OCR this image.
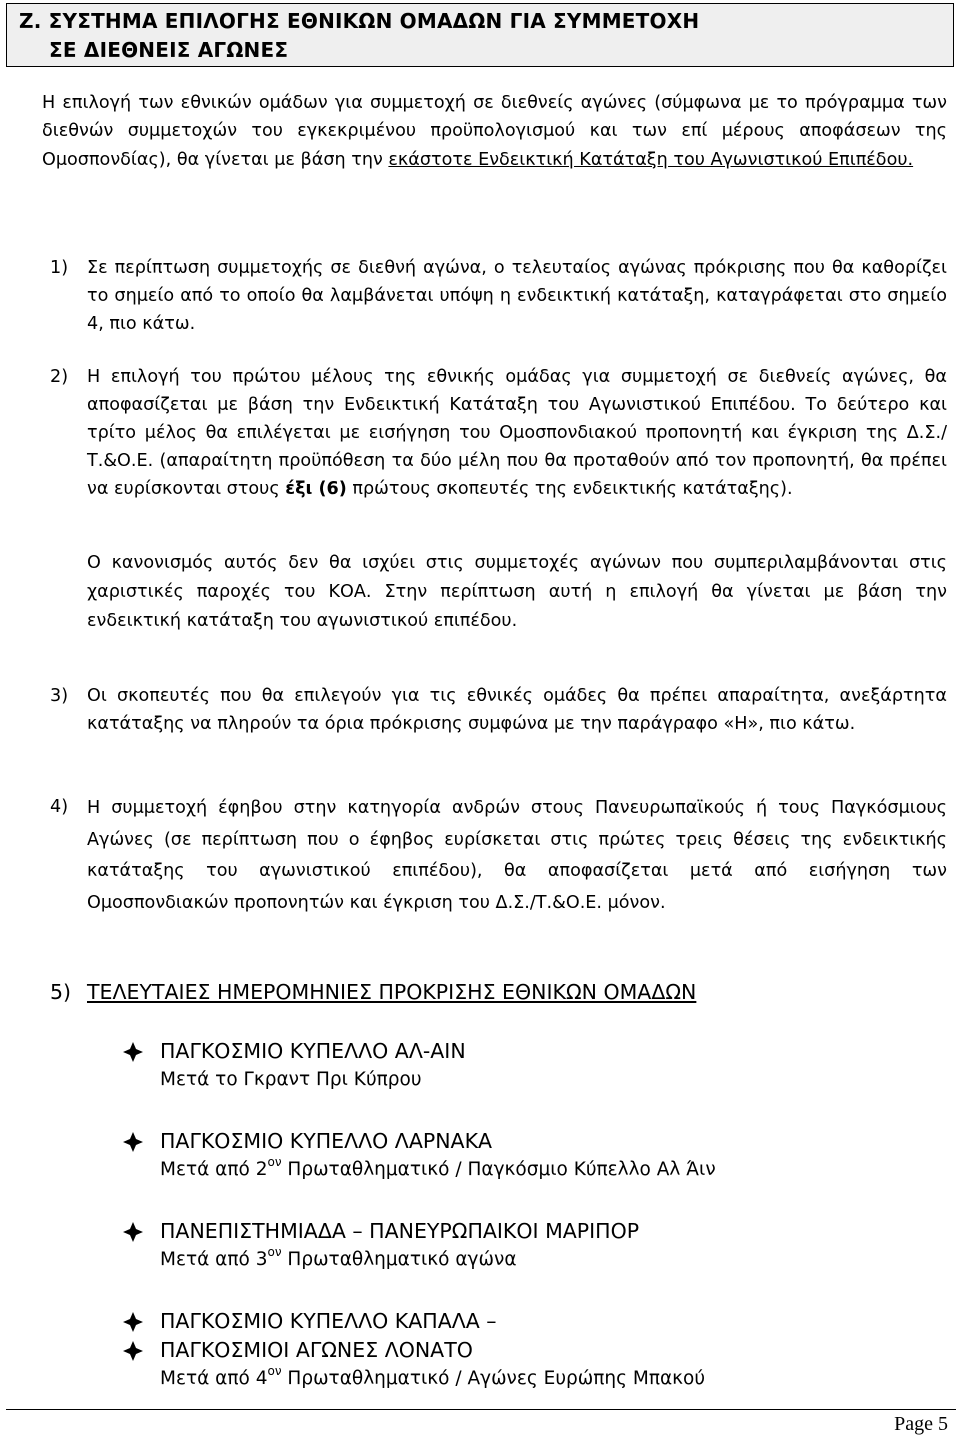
Ζ. ΣΥΣΤΗΜΑ ΕΠΙΛΟΓΗΣ ΕΘΝΙΚΩΝ ΟΜΑΔΩΝ ΓΙΑ ΣΥΜΜΕΤΟΧΗ
ΣΕ ΔΙΕΘΝΕΙΣ ΑΓΩΝΕΣ
Η επιλογή των εθνικών ομάδων για συμμετοχή σε διεθνείς αγώνες (σύμφωνα με το πρόγραμμα των διεθνών συμμετοχών του εγκεκριμένου προϋπολογισμού και των επί μέρους αποφάσεων της Ομοσπονδίας), θα γίνεται με βάση την εκάστοτε Ενδεικτική Κατάταξη του Αγωνιστικού Επιπέδου.
1) Σε περίπτωση συμμετοχής σε διεθνή αγώνα, ο τελευταίος αγώνας πρόκρισης που θα καθορίζει το σημείο από το οποίο θα λαμβάνεται υπόψη η ενδεικτική κατάταξη, καταγράφεται στο σημείο 4, πιο κάτω.
2) Η επιλογή του πρώτου μέλους της εθνικής ομάδας για συμμετοχή σε διεθνείς αγώνες, θα αποφασίζεται με βάση την Ενδεικτική Κατάταξη του Αγωνιστικού Επιπέδου. Το δεύτερο και τρίτο μέλος θα επιλέγεται με εισήγηση του Ομοσπονδιακού προπονητή και έγκριση της Δ.Σ./Τ.&Ο.Ε. (απαραίτητη προϋπόθεση τα δύο μέλη που θα προταθούν από τον προπονητή, θα πρέπει να ευρίσκονται στους έξι (6) πρώτους σκοπευτές της ενδεικτικής κατάταξης).
Ο κανονισμός αυτός δεν θα ισχύει στις συμμετοχές αγώνων που συμπεριλαμβάνονται στις χαριστικές παροχές του ΚΟΑ. Στην περίπτωση αυτή η επιλογή θα γίνεται με βάση την ενδεικτική κατάταξη του αγωνιστικού επιπέδου.
3) Οι σκοπευτές που θα επιλεγούν για τις εθνικές ομάδες θα πρέπει απαραίτητα, ανεξάρτητα κατάταξης να πληρούν τα όρια πρόκρισης συμφώνα με την παράγραφο «Η», πιο κάτω.
4) Η συμμετοχή έφηβου στην κατηγορία ανδρών στους Πανευρωπαϊκούς ή τους Παγκόσμιους Αγώνες (σε περίπτωση που ο έφηβος ευρίσκεται στις πρώτες τρεις θέσεις της ενδεικτικής κατάταξης του αγωνιστικού επιπέδου), θα αποφασίζεται μετά από εισήγηση των Ομοσπονδιακών προπονητών και έγκριση του Δ.Σ./Τ.&Ο.Ε. μόνον.
5) ΤΕΛΕΥΤΑΙΕΣ ΗΜΕΡΟΜΗΝΙΕΣ ΠΡΟΚΡΙΣΗΣ ΕΘΝΙΚΩΝ ΟΜΑΔΩΝ
ΠΑΓΚΟΣΜΙΟ ΚΥΠΕΛΛΟ ΑΛ-ΑΙΝ
Μετά το Γκραντ Πρι Κύπρου
ΠΑΓΚΟΣΜΙΟ ΚΥΠΕΛΛΟ ΛΑΡΝΑΚΑ
Μετά από $2^{o\nu}$ Πρωταθληματικό / Παγκόσμιο Κύπελλο Αλ Άιν
ΠΑΝΕΠΙΣΤΗΜΙΑΔΑ – ΠΑΝΕΥΡΩΠΑΙΚΟΙ ΜΑΡΙΠΟΡ
Μετά από $3^{o\nu}$ Πρωταθληματικό αγώνα
ΠΑΓΚΟΣΜΙΟ ΚΥΠΕΛΛΟ ΚΑΠΑΛΑ –
ΠΑΓΚΟΣΜΙΟΙ ΑΓΩΝΕΣ ΛΟΝΑΤΟ
Μετά από $4^{o\nu}$ Πρωταθληματικό / Αγώνες Ευρώπης Μπακού
Page 5
